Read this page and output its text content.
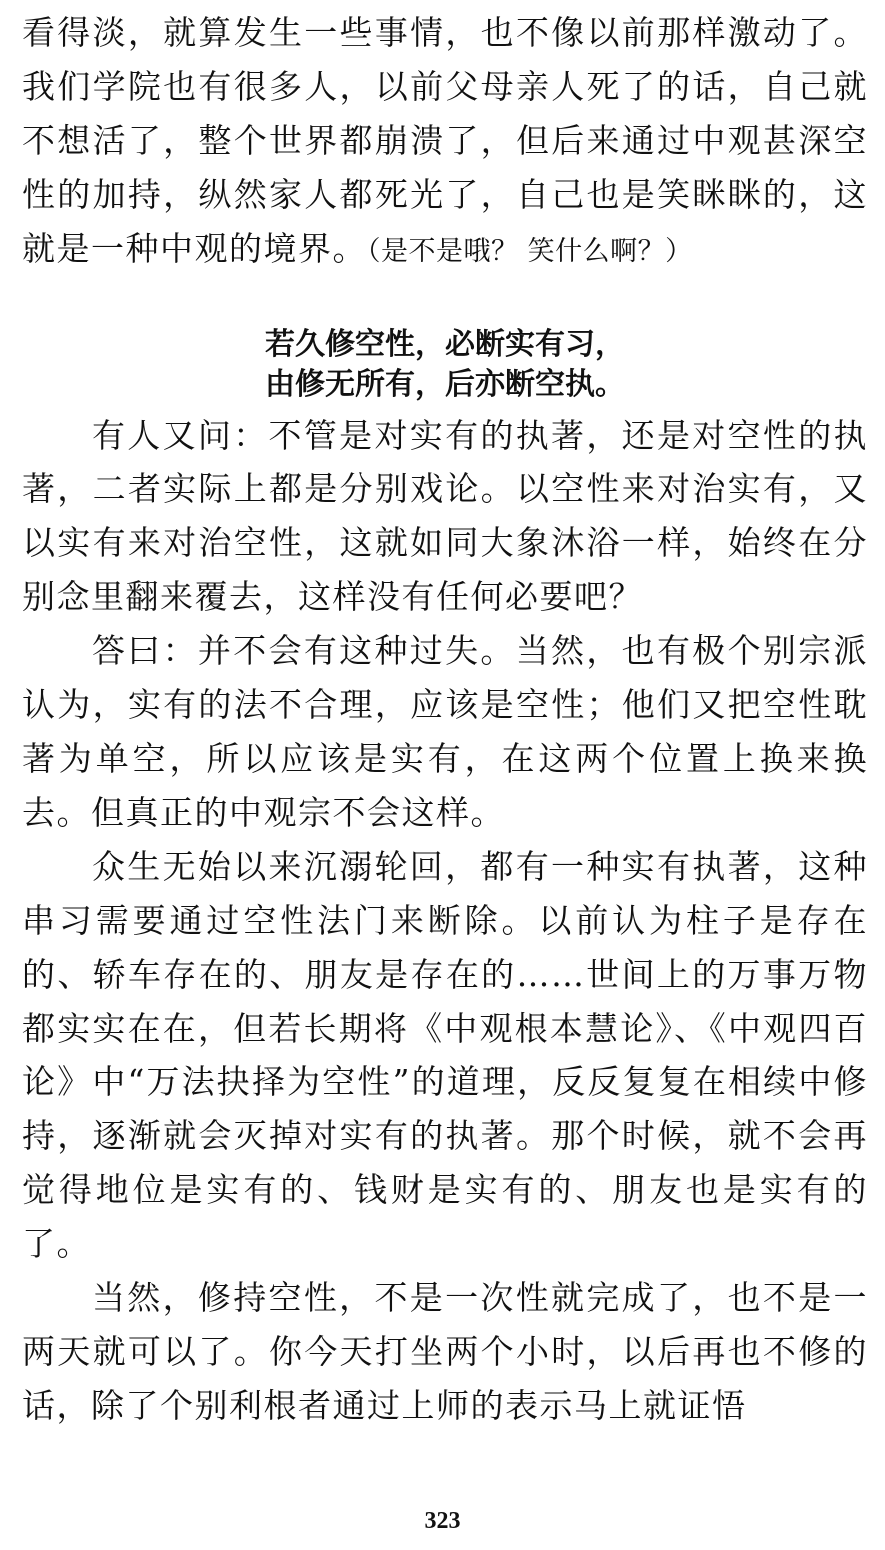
看得淡，就算发生一些事情，也不像以前那样激动了。我们学院也有很多人，以前父母亲人死了的话，自己就不想活了，整个世界都崩溃了，但后来通过中观甚深空性的加持，纵然家人都死光了，自己也是笑眯眯的，这就是一种中观的境界。（是不是哦？ 笑什么啊？）

若久修空性，必断实有习，

由修无所有，后亦断空执。

有人又问：不管是对实有的执著，还是对空性的执著，二者实际上都是分别戏论。以空性来对治实有，又以实有来对治空性，这就如同大象沐浴一样，始终在分别念里翻来覆去，这样没有任何必要吧？

答曰：并不会有这种过失。当然，也有极个别宗派认为，实有的法不合理，应该是空性；他们又把空性耽著为单空，所以应该是实有，在这两个位置上换来换去。但真正的中观宗不会这样。

众生无始以来沉溺轮回，都有一种实有执著，这种串习需要通过空性法门来断除。以前认为柱子是存在的、轿车存在的、朋友是存在的……世间上的万事万物都实实在在，但若长期将《中观根本慧论》、《中观四百论》中“万法抉择为空性”的道理，反反复复在相续中修持，逐渐就会灭掉对实有的执著。那个时候，就不会再觉得地位是实有的、钱财是实有的、朋友也是实有的了。

当然，修持空性，不是一次性就完成了，也不是一两天就可以了。你今天打坐两个小时，以后再也不修的话，除了个别利根者通过上师的表示马上就证悟

323
